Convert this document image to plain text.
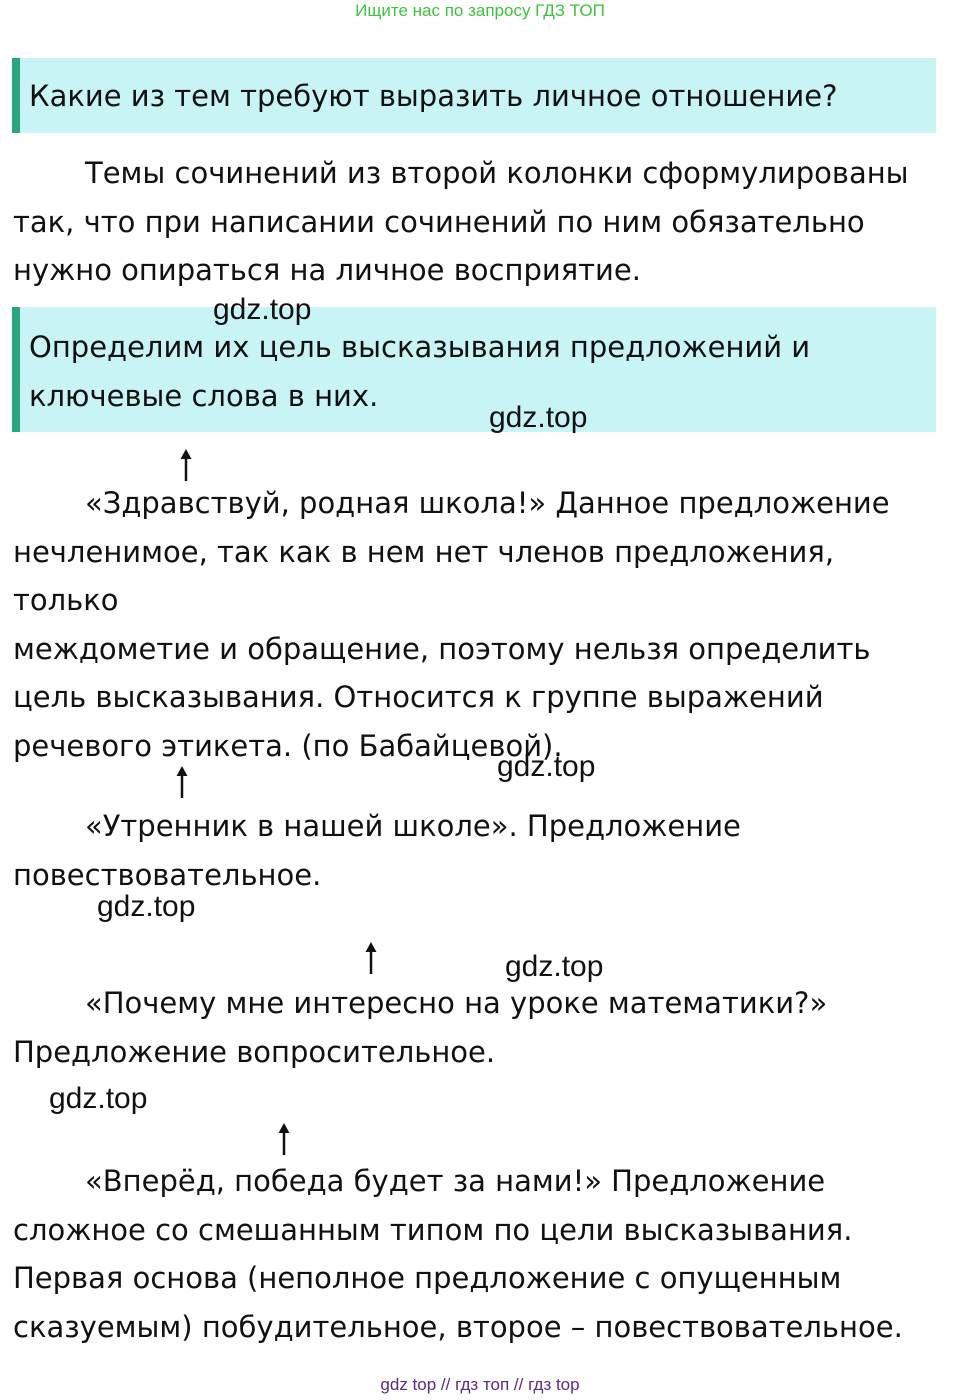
Ищите нас по запросу ГДЗ ТОП
Какие из тем требуют выразить личное отношение?
Темы сочинений из второй колонки сформулированы
так, что при написании сочинений по ним обязательно
нужно опираться на личное восприятие.
Определим их цель высказывания предложений и
ключевые слова в них.
gdz.top
gdz.top
«Здравствуй, родная школа!» Данное предложение
нечленимое, так как в нем нет членов предложения, только
междометие и обращение, поэтому нельзя определить
цель высказывания. Относится к группе выражений
речевого этикета. (по Бабайцевой).
gdz.top
«Утренник в нашей школе». Предложение
повествовательное.
gdz.top
gdz.top
«Почему мне интересно на уроке математики?»
Предложение вопросительное.
gdz.top
«Вперёд, победа будет за нами!» Предложение
сложное со смешанным типом по цели высказывания.
Первая основа (неполное предложение с опущенным
сказуемым) побудительное, второе – повествовательное.
gdz top // гдз топ // гдз top
